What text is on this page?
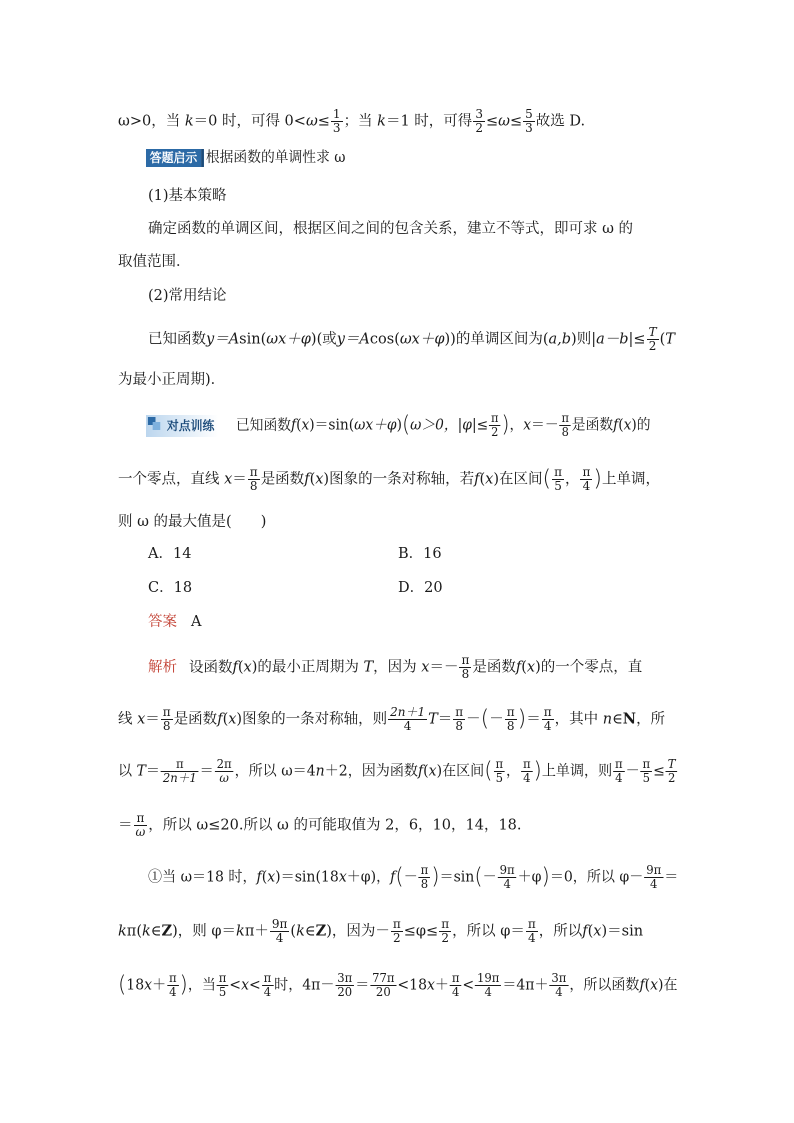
ω>0，当 k＝0 时，可得 $0<\omega\le \frac{1}{3}$ ；当 k＝1 时，可得 $\frac{3}{2} \le\omega\le \frac{5}{3}$ 故选 D.
答题启示 根据函数的单调性求 ω
(1)基本策略
确定函数的单调区间，根据区间之间的包含关系，建立不等式，即可求 ω 的
取值范围．
(2)常用结论
已知函数y＝Asin(ωx＋φ)(或y＝Acos(ωx＋φ))的单调区间为(a,b)则$|a-b|\le \frac{T}{2} (T$
为最小正周期)．
对点训练 已知函数f(x)＝sin(ωx＋φ)(ω＞0，$|\varphi|\le \frac{\pi}{2}$ )，$x=- \frac{\pi}{8}$ 是函数f(x)的
一个零点，直线 $x= \frac{\pi}{8}$ 是函数f(x)图象的一条对称轴，若f(x)在区间( $\frac{\pi}{5}$ ， $\frac{\pi}{4}$ )上单调，
则 ω 的最大值是(　　)
A．14	B．16
C．18	D．20
答案 A
解析 设函数f(x)的最小正周期为 T，因为 $x=- \frac{\pi}{8}$ 是函数f(x)的一个零点，直
线 $x= \frac{\pi}{8}$ 是函数f(x)图象的一条对称轴，则 $\frac{2n+1}{4} T= \frac{\pi}{8}$ －(－ $\frac{\pi}{8}$ )＝ $\frac{\pi}{4}$ ，其中 n∈N，所
以 $T= \frac{\pi}{2n+1} = \frac{2\pi}{\omega}$ ，所以 ω＝4n＋2，因为函数f(x)在区间( $\frac{\pi}{5}$ ， $\frac{\pi}{4}$ )上单调，则 $\frac{\pi}{4} - \frac{\pi}{5} \le \frac{T}{2}$
＝ $\frac{\pi}{\omega}$ ，所以 ω≤20.所以 ω 的可能取值为 2，6，10，14，18.
①当 ω＝18 时，f(x)＝sin(18x＋φ)，$f(- \frac{\pi}{8} )=\sin(- \frac{9\pi}{4} +\varphi)=0$，所以 $\varphi- \frac{9\pi}{4}$ ＝
kπ(k∈Z)，则 $\varphi=k\pi+ \frac{9\pi}{4}$ (k∈Z)，因为－ $\frac{\pi}{2} \le\varphi\le \frac{\pi}{2}$ ，所以 $\varphi= \frac{\pi}{4}$ ，所以f(x)＝sin
($18x+ \frac{\pi}{4}$ )，当 $\frac{\pi}{5} <x< \frac{\pi}{4}$ 时，$4\pi- \frac{3\pi}{20} = \frac{77\pi}{20} <18x+ \frac{\pi}{4} < \frac{19\pi}{4} =4\pi+ \frac{3\pi}{4}$ ，所以函数f(x)在
